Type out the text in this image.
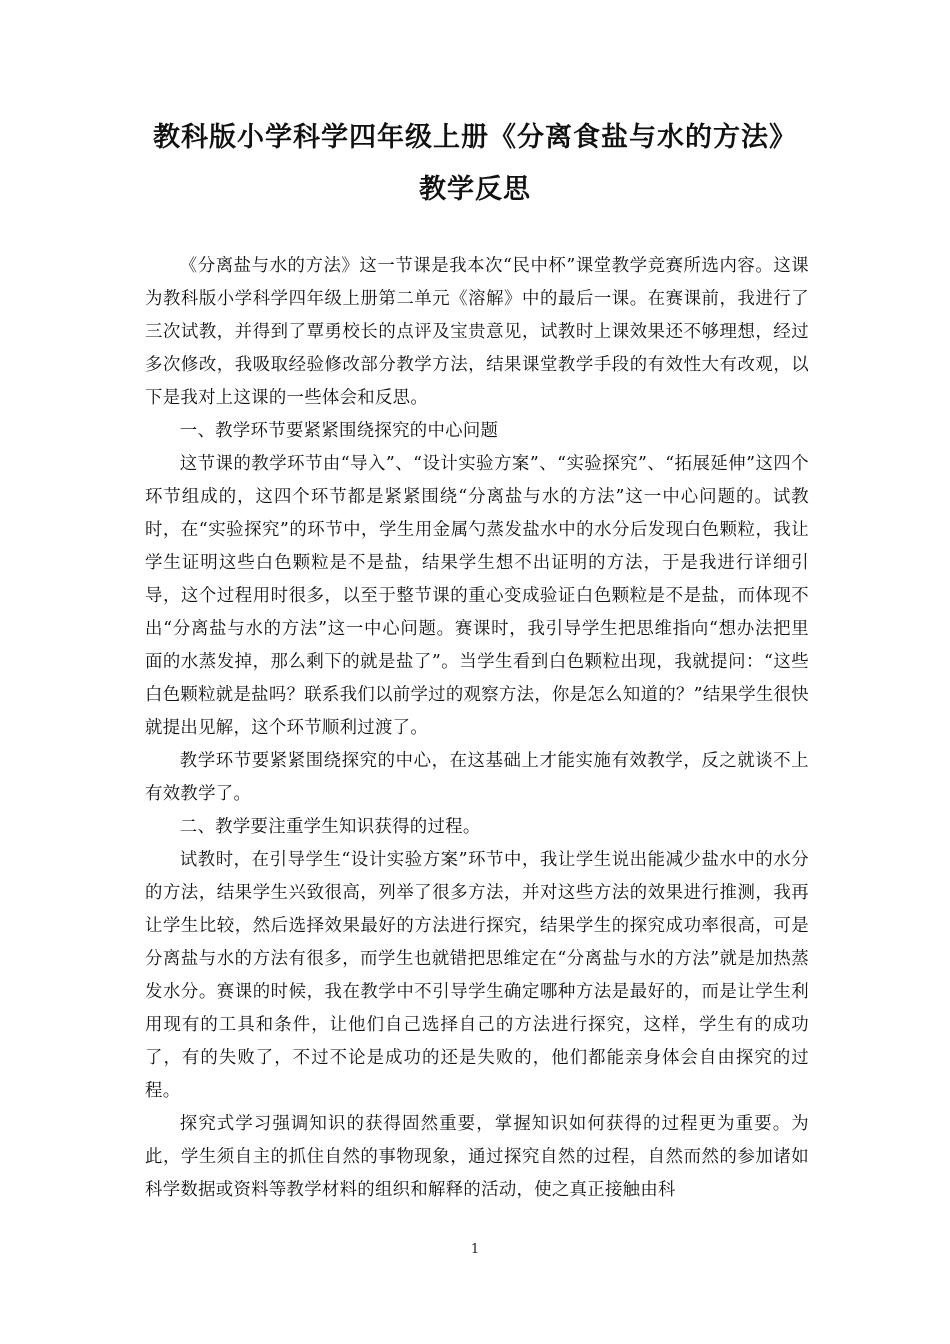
教科版小学科学四年级上册《分离食盐与水的方法》
教学反思

《分离盐与水的方法》这一节课是我本次“民中杯”课堂教学竞赛所选内容。这课为教科版小学科学四年级上册第二单元《溶解》中的最后一课。在赛课前，我进行了三次试教，并得到了覃勇校长的点评及宝贵意见，试教时上课效果还不够理想，经过多次修改，我吸取经验修改部分教学方法，结果课堂教学手段的有效性大有改观，以下是我对上这课的一些体会和反思。

一、教学环节要紧紧围绕探究的中心问题

这节课的教学环节由“导入”、“设计实验方案”、“实验探究”、“拓展延伸”这四个环节组成的，这四个环节都是紧紧围绕“分离盐与水的方法”这一中心问题的。试教时，在“实验探究”的环节中，学生用金属勺蒸发盐水中的水分后发现白色颗粒，我让学生证明这些白色颗粒是不是盐，结果学生想不出证明的方法，于是我进行详细引导，这个过程用时很多，以至于整节课的重心变成验证白色颗粒是不是盐，而体现不出“分离盐与水的方法”这一中心问题。赛课时，我引导学生把思维指向“想办法把里面的水蒸发掉，那么剩下的就是盐了”。当学生看到白色颗粒出现，我就提问：“这些白色颗粒就是盐吗？联系我们以前学过的观察方法，你是怎么知道的？”结果学生很快就提出见解，这个环节顺利过渡了。

教学环节要紧紧围绕探究的中心，在这基础上才能实施有效教学，反之就谈不上有效教学了。

二、教学要注重学生知识获得的过程。

试教时，在引导学生“设计实验方案”环节中，我让学生说出能减少盐水中的水分的方法，结果学生兴致很高，列举了很多方法，并对这些方法的效果进行推测，我再让学生比较，然后选择效果最好的方法进行探究，结果学生的探究成功率很高，可是分离盐与水的方法有很多，而学生也就错把思维定在“分离盐与水的方法”就是加热蒸发水分。赛课的时候，我在教学中不引导学生确定哪种方法是最好的，而是让学生利用现有的工具和条件，让他们自己选择自己的方法进行探究，这样，学生有的成功了，有的失败了，不过不论是成功的还是失败的，他们都能亲身体会自由探究的过程。

探究式学习强调知识的获得固然重要，掌握知识如何获得的过程更为重要。为此，学生须自主的抓住自然的事物现象，通过探究自然的过程，自然而然的参加诸如科学数据或资料等教学材料的组织和解释的活动，使之真正接触由科

1
